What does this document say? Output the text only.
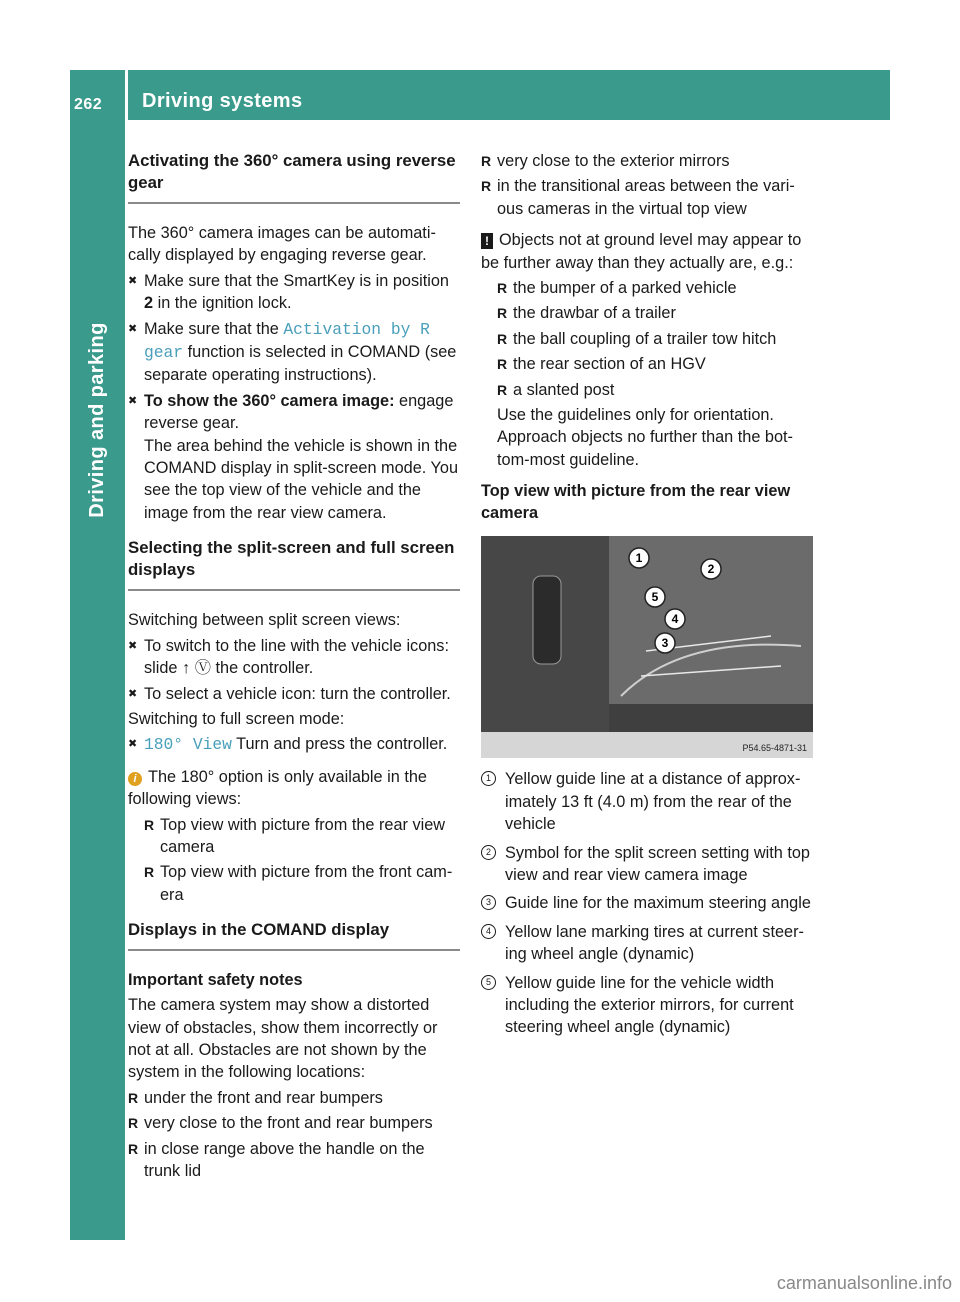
262	Driving systems
Driving and parking
Activating the 360° camera using reverse gear

The 360° camera images can be automati-cally displayed by engaging reverse gear.

✖ Make sure that the SmartKey is in position
2 in the ignition lock.
✖ Make sure that the Activation by R
gear function is selected in COMAND (see separate operating instructions).
✖ To show the 360° camera image: engage reverse gear.
The area behind the vehicle is shown in the COMAND display in split-screen mode. You see the top view of the vehicle and the image from the rear view camera.
Selecting the split-screen and full screen displays

Switching between split screen views:

✖ To switch to the line with the vehicle icons: slide ↑ Ⓥ the controller.
✖ To select a vehicle icon: turn the controller.

Switching to full screen mode:

✖ 180° View Turn and press the controller.

i The 180° option is only available in the following views:

R Top view with picture from the rear view camera
R Top view with picture from the front cam-era
Displays in the COMAND display
Important safety notes

The camera system may show a distorted view of obstacles, show them incorrectly or not at all. Obstacles are not shown by the system in the following locations:

R under the front and rear bumpers
R very close to the front and rear bumpers
R in close range above the handle on the trunk lid
R very close to the exterior mirrors
R in the transitional areas between the vari-ous cameras in the virtual top view

! Objects not at ground level may appear to be further away than they actually are, e.g.:

R the bumper of a parked vehicle
R the drawbar of a trailer
R the ball coupling of a trailer tow hitch
R the rear section of an HGV
R a slanted post

Use the guidelines only for orientation. Approach objects no further than the bot-tom-most guideline.

Top view with picture from the rear view camera
1
2
3
4
5
P54.65-4871-31
1 Yellow guide line at a distance of approx-imately 13 ft (4.0 m) from the rear of the vehicle
2 Symbol for the split screen setting with top view and rear view camera image
3 Guide line for the maximum steering angle
4 Yellow lane marking tires at current steer-ing wheel angle (dynamic)
5 Yellow guide line for the vehicle width including the exterior mirrors, for current steering wheel angle (dynamic)
carmanualsonline.info
